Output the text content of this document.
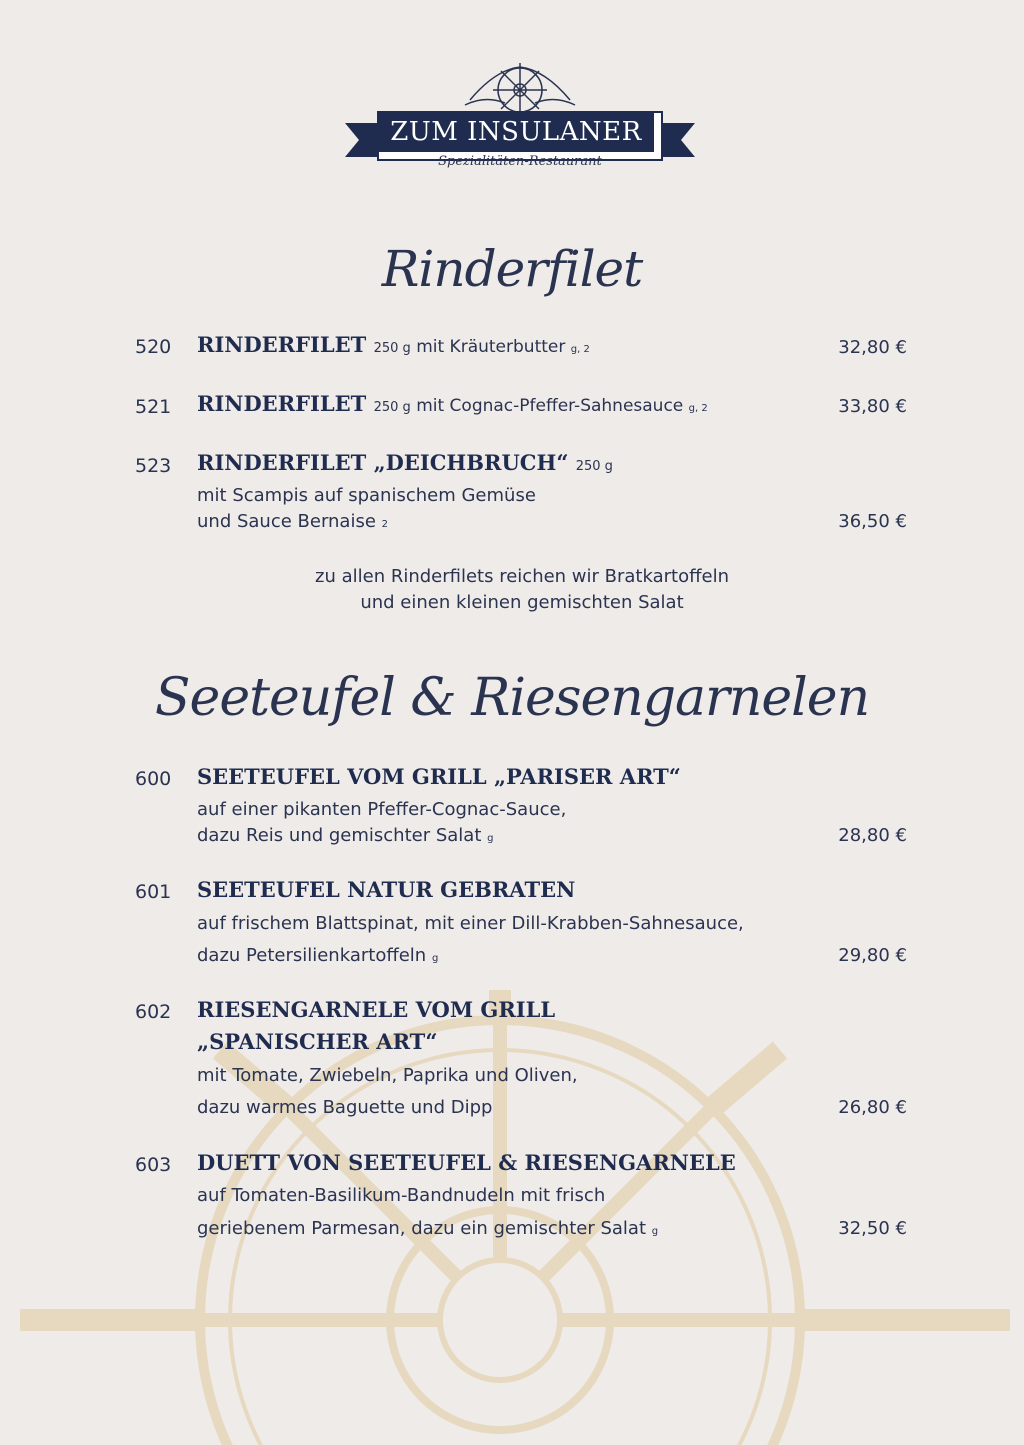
ZUM INSULANER
Spezialitäten-Restaurant
Rinderfilet
520 RINDERFILET 250 g mit Kräuterbutter g, 2	32,80 €
521 RINDERFILET 250 g mit Cognac-Pfeffer-Sahnesauce g, 2	33,80 €
523 RINDERFILET „DEICHBRUCH“ 250 g
mit Scampis auf spanischem Gemüse
und Sauce Bernaise 2	36,50 €
zu allen Rinderfilets reichen wir Bratkartoffeln
und einen kleinen gemischten Salat
Seeteufel & Riesengarnelen
600 SEETEUFEL VOM GRILL „PARISER ART“
auf einer pikanten Pfeffer-Cognac-Sauce,
dazu Reis und gemischter Salat g	28,80 €
601 SEETEUFEL NATUR GEBRATEN
auf frischem Blattspinat, mit einer Dill-Krabben-Sahnesauce,
dazu Petersilienkartoffeln g	29,80 €
602 RIESENGARNELE VOM GRILL
„SPANISCHER ART“
mit Tomate, Zwiebeln, Paprika und Oliven,
dazu warmes Baguette und Dipp	26,80 €
603 DUETT VON SEETEUFEL & RIESENGARNELE
auf Tomaten-Basilikum-Bandnudeln mit frisch
geriebenem Parmesan, dazu ein gemischter Salat g	32,50 €
